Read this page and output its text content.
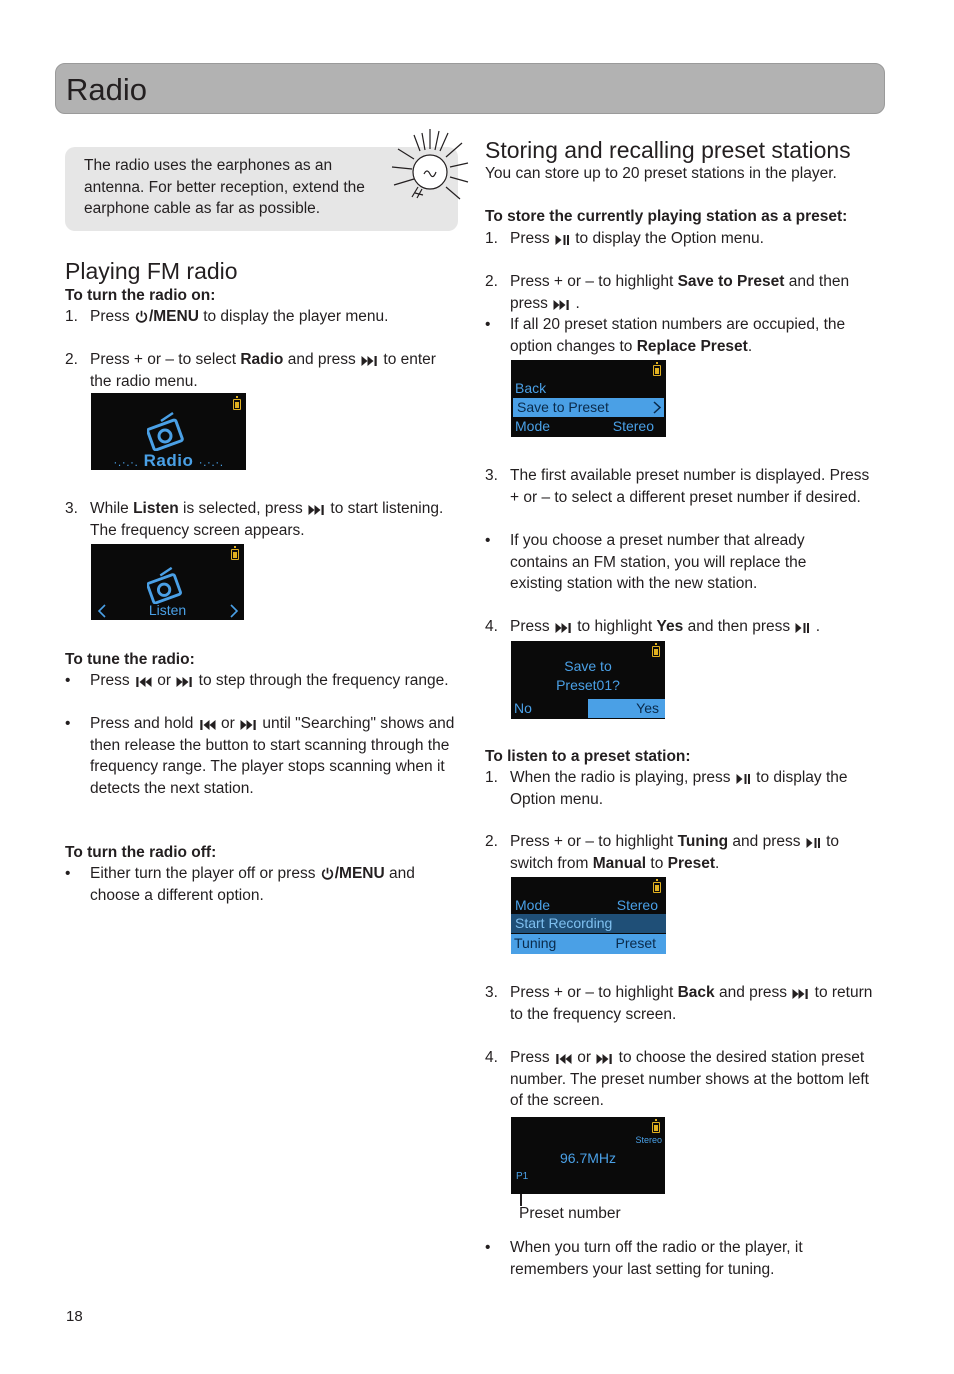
Radio
The radio uses the earphones as an antenna. For better reception, extend the earphone cable as far as possible.
Playing FM radio
To turn the radio on:
1. Press /MENU to display the player menu.
2. Press + or – to select Radio and press  to enter the radio menu.
·.·.·. Radio ·.·.·.
3. While Listen is selected, press  to start listening. The frequency screen appears.
Listen
To tune the radio:
• Press  or  to step through the frequency range.
• Press and hold  or  until "Searching" shows and then release the button to start scanning through the frequency range. The player stops scanning when it detects the next station.
To turn the radio off:
• Either turn the player off or press /MENU and choose a different option.
Storing and recalling preset stations
You can store up to 20 preset stations in the player.
To store the currently playing station as a preset:
1. Press  to display the Option menu.
2. Press + or – to highlight Save to Preset and then press  .
• If all 20 preset station numbers are occupied, the option changes to Replace Preset.
Back
Save to Preset
Mode	Stereo
3. The first available preset number is displayed. Press + or – to select a different preset number if desired.
• If you choose a preset number that already contains an FM station, you will replace the existing station with the new station.
4. Press  to highlight Yes and then press  .
Save to
Preset01?
No	Yes
To listen to a preset station:
1. When the radio is playing, press  to display the Option menu.
2. Press + or – to highlight Tuning and press  to switch from Manual to Preset.
Mode	Stereo
Start Recording
Tuning	Preset
3. Press + or – to highlight Back and press  to return to the frequency screen.
4. Press  or  to choose the desired station preset number. The preset number shows at the bottom left of the screen.
Stereo
96.7MHz
P1
Preset number
• When you turn off the radio or the player, it remembers your last setting for tuning.
18
